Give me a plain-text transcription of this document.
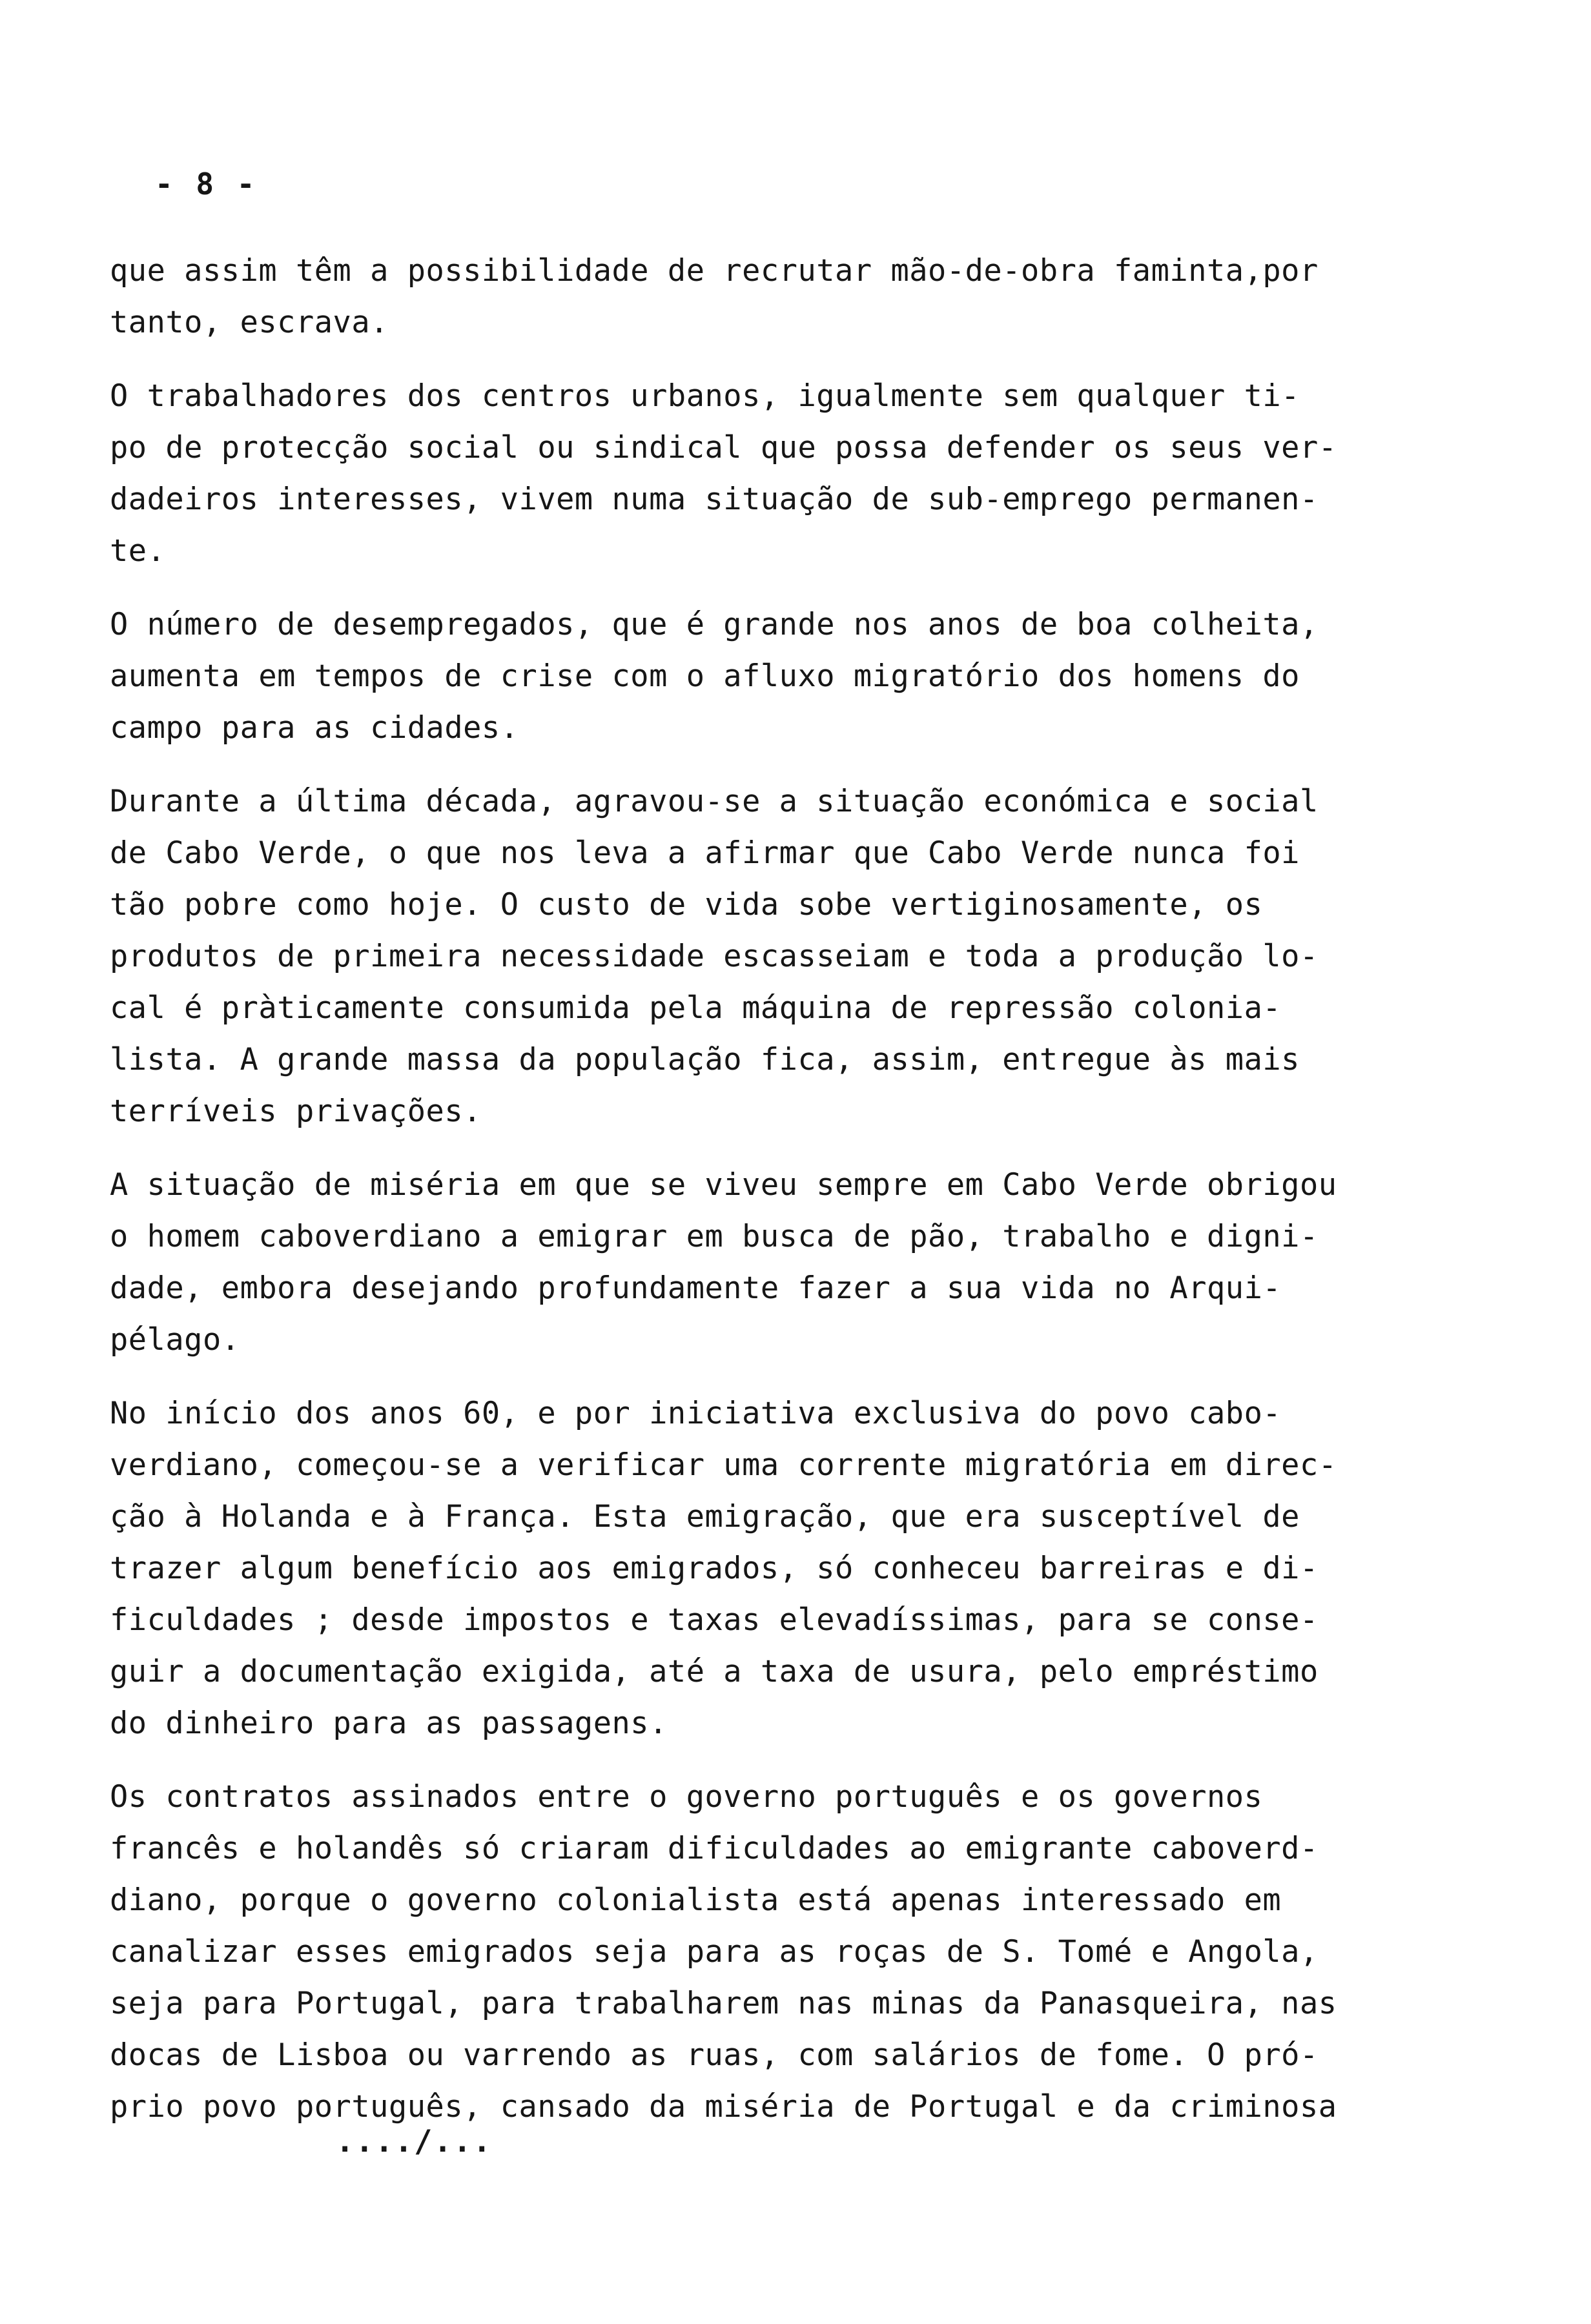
- 8 -
que assim têm a possibilidade de recrutar mão-de-obra faminta,por
tanto, escrava.
O trabalhadores dos centros urbanos, igualmente sem qualquer ti-
po de protecção social ou sindical que possa defender os seus ver-
dadeiros interesses, vivem numa situação de sub-emprego permanen-
te.
O número de desempregados, que é grande nos anos de boa colheita,
aumenta em tempos de crise com o afluxo migratório dos homens do
campo para as cidades.
Durante a última década, agravou-se a situação económica e social
de Cabo Verde, o que nos leva a afirmar que Cabo Verde nunca foi
tão pobre como hoje. O custo de vida sobe vertiginosamente, os
produtos de primeira necessidade escasseiam e toda a produção lo-
cal é pràticamente consumida pela máquina de repressão colonia-
lista. A grande massa da população fica, assim, entregue às mais
terríveis privações.
A situação de miséria em que se viveu sempre em Cabo Verde obrigou
o homem caboverdiano a emigrar em busca de pão, trabalho e digni-
dade, embora desejando profundamente fazer a sua vida no Arqui-
pélago.
No início dos anos 60, e por iniciativa exclusiva do povo cabo-
verdiano, começou-se a verificar uma corrente migratória em direc-
ção à Holanda e à França. Esta emigração, que era susceptível de
trazer algum benefício aos emigrados, só conheceu barreiras e di-
ficuldades ; desde impostos e taxas elevadíssimas, para se conse-
guir a documentação exigida, até a taxa de usura, pelo empréstimo
do dinheiro para as passagens.
Os contratos assinados entre o governo português e os governos
francês e holandês só criaram dificuldades ao emigrante caboverd-
diano, porque o governo colonialista está apenas interessado em
canalizar esses emigrados seja para as roças de S. Tomé e Angola,
seja para Portugal, para trabalharem nas minas da Panasqueira, nas
docas de Lisboa ou varrendo as ruas, com salários de fome. O pró-
prio povo português, cansado da miséria de Portugal e da criminosa
..../...
